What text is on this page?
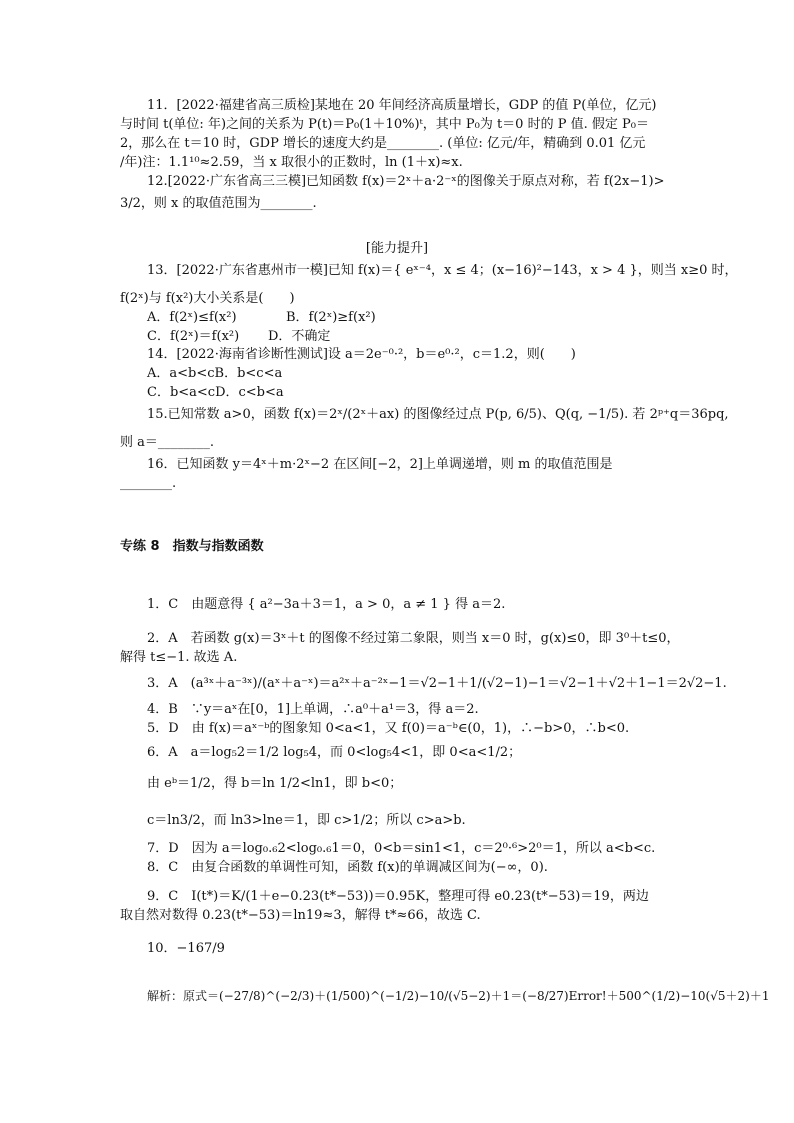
11．[2022·福建省高三质检]某地在 20 年间经济高质量增长，GDP 的值 P(单位，亿元)
与时间 t(单位: 年)之间的关系为 P(t)＝P₀(1＋10%)ᵗ，其中 P₀为 t＝0 时的 P 值. 假定 P₀＝
2，那么在 t＝10 时，GDP 增长的速度大约是________. (单位: 亿元/年，精确到 0.01 亿元
/年)注：1.1¹⁰≈2.59，当 x 取很小的正数时，ln (1＋x)≈x.
12.[2022·广东省高三三模]已知函数 f(x)＝2ˣ＋a·2⁻ˣ的图像关于原点对称，若 f(2x−1)>
3/2，则 x 的取值范围为________.
[能力提升]
13．[2022·广东省惠州市一模]已知 f(x)＝{ eˣ⁻⁴，x ≤ 4；(x−16)²−143，x > 4 }，则当 x≥0 时，
f(2ˣ)与 f(x²)大小关系是(　　)
A．f(2ˣ)≤f(x²)	B．f(2ˣ)≥f(x²)
C．f(2ˣ)＝f(x²) D．不确定
14．[2022·海南省诊断性测试]设 a＝2e⁻⁰·²，b＝e⁰·²，c＝1.2，则(　　)
A．a<b<cB．b<c<a
C．b<a<cD．c<b<a
15.已知常数 a>0，函数 f(x)＝2ˣ/(2ˣ＋ax) 的图像经过点 P(p, 6/5)、Q(q, −1/5). 若 2ᵖ⁺q＝36pq,
则 a＝________.
16．已知函数 y＝4ˣ＋m·2ˣ−2 在区间[−2，2]上单调递增，则 m 的取值范围是
________.
专练 8　指数与指数函数
1．C　由题意得 { a²−3a＋3＝1，a > 0，a ≠ 1 } 得 a＝2.
2．A　若函数 g(x)＝3ˣ＋t 的图像不经过第二象限，则当 x＝0 时，g(x)≤0，即 3⁰＋t≤0，
解得 t≤−1. 故选 A.
3．A　(a³ˣ＋a⁻³ˣ)/(aˣ＋a⁻ˣ)＝a²ˣ＋a⁻²ˣ−1＝√2−1＋1/(√2−1)−1＝√2−1＋√2＋1−1＝2√2−1.
4．B　∵y＝aˣ在[0，1]上单调，∴a⁰＋a¹＝3，得 a＝2.
5．D　由 f(x)＝aˣ⁻ᵇ的图象知 0<a<1，又 f(0)＝a⁻ᵇ∈(0，1)，∴−b>0，∴b<0.
6．A　a＝log₅2＝1/2 log₅4，而 0<log₅4<1，即 0<a<1/2；
由 eᵇ＝1/2，得 b＝ln 1/2<ln1，即 b<0；
c＝ln3/2，而 ln3>lne＝1，即 c>1/2；所以 c>a>b.
7．D　因为 a＝log₀.₆2<log₀.₆1＝0，0<b＝sin1<1，c＝2⁰·⁶>2⁰＝1，所以 a<b<c.
8．C　由复合函数的单调性可知，函数 f(x)的单调减区间为(−∞，0).
9．C　I(t*)＝K/(1＋e−0.23(t*−53))＝0.95K，整理可得 e0.23(t*−53)＝19，两边
取自然对数得 0.23(t*−53)＝ln19≈3，解得 t*≈66，故选 C.
10．−167/9
解析：原式＝(−27/8)^(−2/3)＋(1/500)^(−1/2)−10/(√5−2)＋1＝(−8/27)Error!＋500^(1/2)−10(√5＋2)＋1
